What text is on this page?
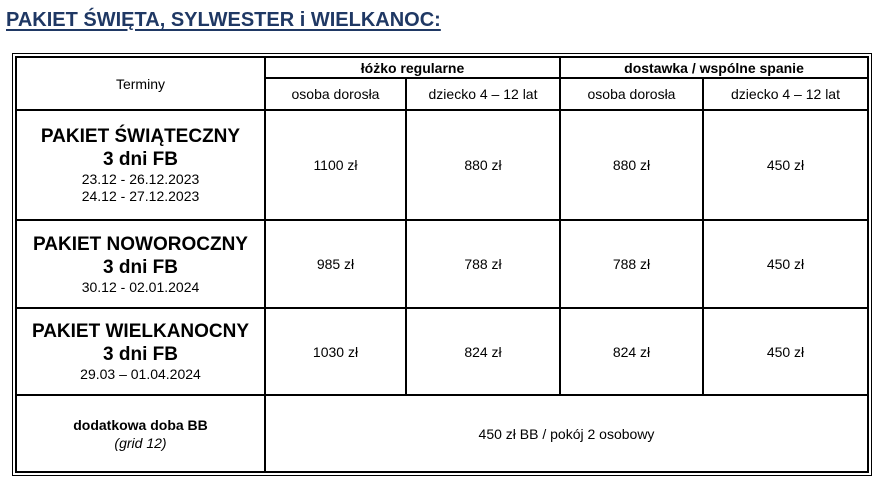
PAKIET ŚWIĘTA, SYLWESTER i WIELKANOC:
Terminy	łóżko regularne		dostawka / wspólne spanie	
	osoba dorosła	dziecko 4 – 12 lat	osoba dorosła	dziecko 4 – 12 lat

PAKIET ŚWIĄTECZNY
3 dni FB
23.12 - 26.12.2023
24.12 - 27.12.2023	1100 zł	880 zł	880 zł	450 zł

PAKIET NOWOROCZNY
3 dni FB
30.12 - 02.01.2024	985 zł	788 zł	788 zł	450 zł

PAKIET WIELKANOCNY
3 dni FB
29.03 – 01.04.2024	1030 zł	824 zł	824 zł	450 zł

dodatkowa doba BB
(grid 12)	450 zł BB / pokój 2 osobowy			
